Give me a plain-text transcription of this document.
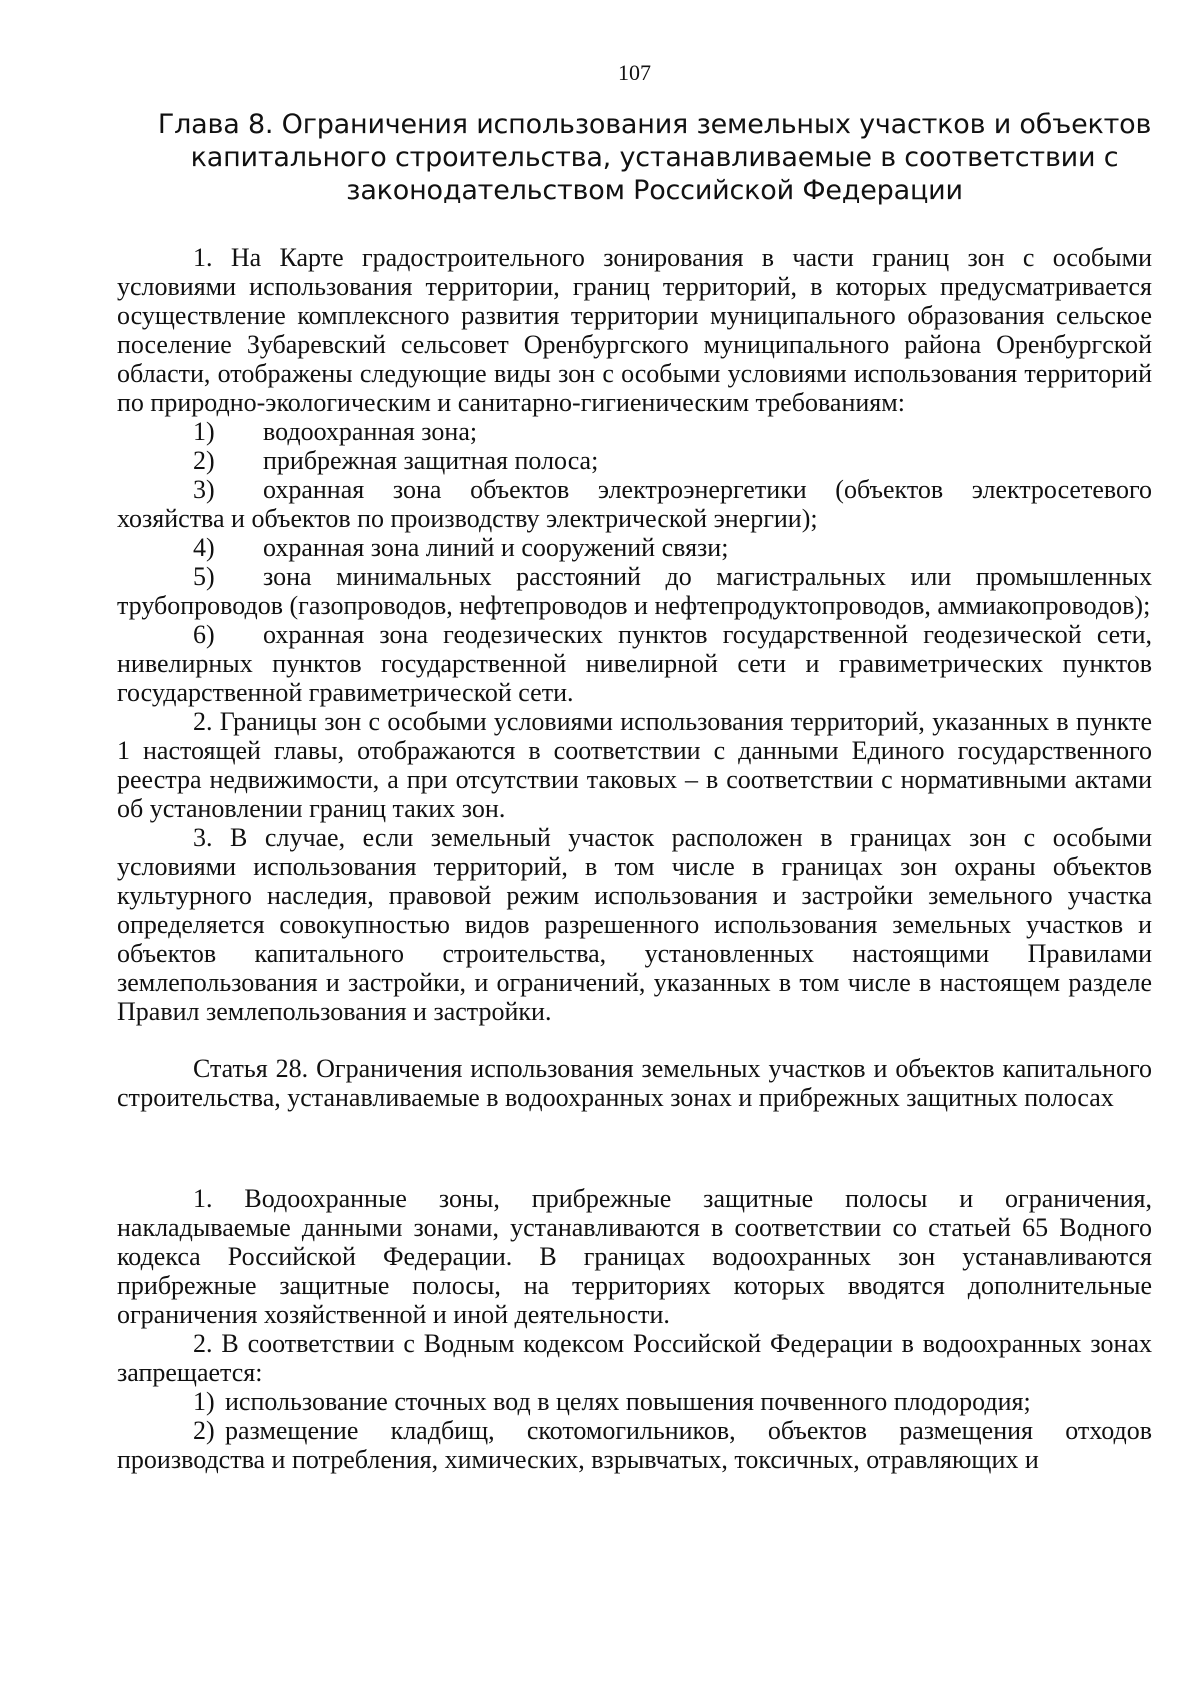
107
Глава 8. Ограничения использования земельных участков и объектов капитального строительства, устанавливаемые в соответствии с законодательством Российской Федерации

1. На Карте градостроительного зонирования в части границ зон с особыми условиями использования территории, границ территорий, в которых предусматривается осуществление комплексного развития территории муниципального образования сельское поселение Зубаревский сельсовет Оренбургского муниципального района Оренбургской области, отображены следующие виды зон с особыми условиями использования территорий по природно-экологическим и санитарно-гигиеническим требованиям:

1) водоохранная зона;

2) прибрежная защитная полоса;

3) охранная зона объектов электроэнергетики (объектов электросетевого хозяйства и объектов по производству электрической энергии);

4) охранная зона линий и сооружений связи;

5) зона минимальных расстояний до магистральных или промышленных трубопроводов (газопроводов, нефтепроводов и нефтепродуктопроводов, аммиакопроводов);

6) охранная зона геодезических пунктов государственной геодезической сети, нивелирных пунктов государственной нивелирной сети и гравиметрических пунктов государственной гравиметрической сети.

2. Границы зон с особыми условиями использования территорий, указанных в пункте 1 настоящей главы, отображаются в соответствии с данными Единого государственного реестра недвижимости, а при отсутствии таковых – в соответствии с нормативными актами об установлении границ таких зон.

3. В случае, если земельный участок расположен в границах зон с особыми условиями использования территорий, в том числе в границах зон охраны объектов культурного наследия, правовой режим использования и застройки земельного участка определяется совокупностью видов разрешенного использования земельных участков и объектов капитального строительства, установленных настоящими Правилами землепользования и застройки, и ограничений, указанных в том числе в настоящем разделе Правил землепользования и застройки.

Статья 28. Ограничения использования земельных участков и объектов капитального строительства, устанавливаемые в водоохранных зонах и прибрежных защитных полосах

1. Водоохранные зоны, прибрежные защитные полосы и ограничения, накладываемые данными зонами, устанавливаются в соответствии со статьей 65 Водного кодекса Российской Федерации. В границах водоохранных зон устанавливаются прибрежные защитные полосы, на территориях которых вводятся дополнительные ограничения хозяйственной и иной деятельности.

2. В соответствии с Водным кодексом Российской Федерации в водоохранных зонах запрещается:

1) использование сточных вод в целях повышения почвенного плодородия;

2) размещение кладбищ, скотомогильников, объектов размещения отходов производства и потребления, химических, взрывчатых, токсичных, отравляющих и
